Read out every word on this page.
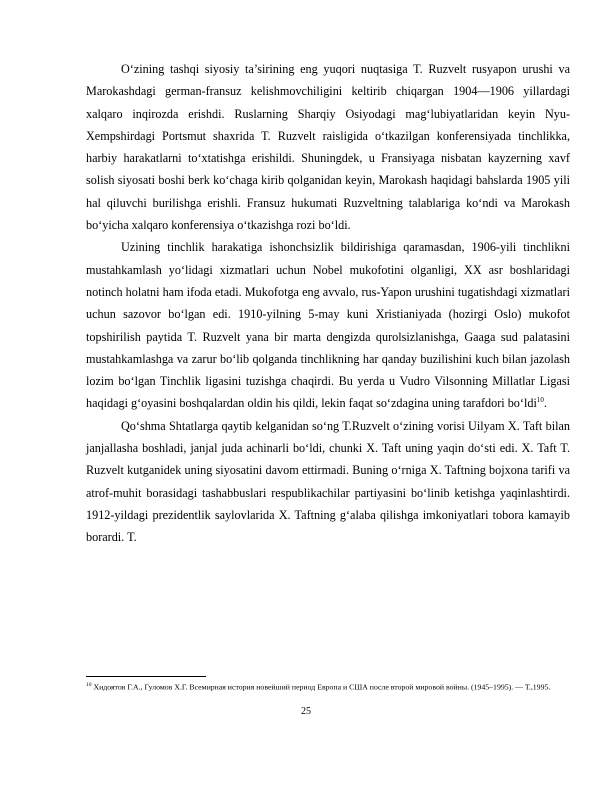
O‘zining tashqi siyosiy ta’sirining eng yuqori nuqtasiga T. Ruzvelt rusyapon urushi va Marokashdagi german-fransuz kelishmovchiligini keltirib chiqargan 1904—1906 yillardagi xalqaro inqirozda erishdi. Ruslarning Sharqiy Osiyodagi mag‘lubiyatlaridan keyin Nyu-Xempshirdagi Portsmut shaxrida T. Ruzvelt raisligida o‘tkazilgan konferensiyada tinchlikka, harbiy harakatlarni to‘xtatishga erishildi. Shuningdek, u Fransiyaga nisbatan kayzerning xavf solish siyosati boshi berk ko‘chaga kirib qolganidan keyin, Marokash haqidagi bahslarda 1905 yili hal qiluvchi burilishga erishli. Fransuz hukumati Ruzveltning talablariga ko‘ndi va Marokash bo‘yicha xalqaro konferensiya o‘tkazishga rozi bo‘ldi.

Uzining tinchlik harakatiga ishonchsizlik bildirishiga qaramasdan, 1906-yili tinchlikni mustahkamlash yo‘lidagi xizmatlari uchun Nobel mukofotini olganligi, XX asr boshlaridagi notinch holatni ham ifoda etadi. Mukofotga eng avvalo, rus-Yapon urushini tugatishdagi xizmatlari uchun sazovor bo‘lgan edi. 1910-yilning 5-may kuni Xristianiyada (hozirgi Oslo) mukofot topshirilish paytida T. Ruzvelt yana bir marta dengizda qurolsizlanishga, Gaaga sud palatasini mustahkamlashga va zarur bo‘lib qolganda tinchlikning har qanday buzilishini kuch bilan jazolash lozim bo‘lgan Tinchlik ligasini tuzishga chaqirdi. Bu yerda u Vudro Vilsonning Millatlar Ligasi haqidagi g‘oyasini boshqalardan oldin his qildi, lekin faqat so‘zdagina uning tarafdori bo‘ldi$^{10}$.

Qo‘shma Shtatlarga qaytib kelganidan so‘ng T.Ruzvelt o‘zining vorisi Uilyam X. Taft bilan janjallasha boshladi, janjal juda achinarli bo‘ldi, chunki X. Taft uning yaqin do‘sti edi. X. Taft T. Ruzvelt kutganidek uning siyosatini davom ettirmadi. Buning o‘rniga X. Taftning bojxona tarifi va atrof-muhit borasidagi tashabbuslari respublikachilar partiyasini bo‘linib ketishga yaqinlashtirdi. 1912-yildagi prezidentlik saylovlarida X. Taftning g‘alaba qilishga imkoniyatlari tobora kamayib borardi. T.

$^{10}$ Хидоятов Г.А., Гуломов Х.Г. Всемирная история новейший период Европа и США после второй мировой войны. (1945–1995). — Т.,1995.
25
